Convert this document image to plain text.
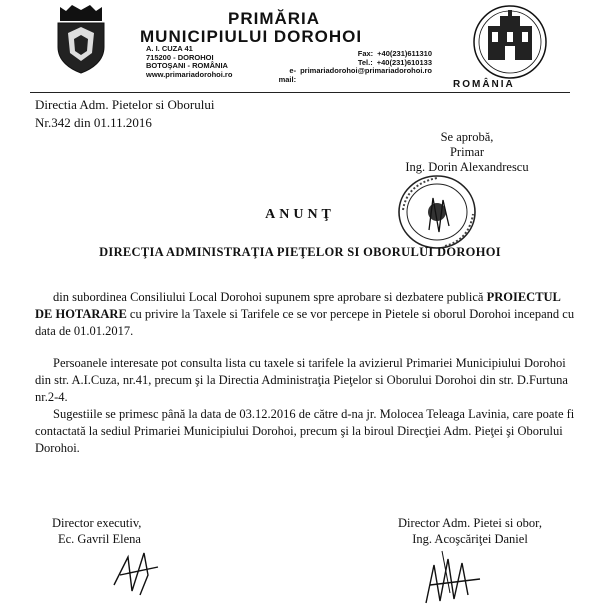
PRIMĂRIA
MUNICIPIULUI DOROHOI
A. I. CUZA 41
715200 - DOROHOI
BOTOŞANI - ROMÂNIA
www.primariadorohoi.ro
Fax: +40(231)611310
Tel.: +40(231)610133
e-mail:
primariadorohoi@primariadorohoi.ro
ROMÂNIA
Directia Adm. Pietelor si Oborului
Nr.342 din 01.11.2016
Se aprobă,
Primar
Ing. Dorin Alexandrescu
ANUNŢ
DIRECŢIA ADMINISTRAŢIA PIEŢELOR SI OBORULUI DOROHOI
din subordinea Consiliului Local Dorohoi supunem spre aprobare si dezbatere publică PROIECTUL DE HOTARARE cu privire la Taxele si Tarifele ce se vor percepe in Pietele si oborul Dorohoi incepand cu data de 01.01.2017.
Persoanele interesate pot consulta lista cu taxele si tarifele la avizierul Primariei Municipiului Dorohoi din str. A.I.Cuza, nr.41, precum şi la Directia Administraţia Pieţelor si Oborului Dorohoi din str. D.Furtuna nr.2-4.
Sugestiile se primesc până la data de 03.12.2016 de către d-na jr. Molocea Teleaga Lavinia, care poate fi contactată la sediul Primariei Municipiului Dorohoi, precum şi la biroul Direcţiei Adm. Pieţei şi Oborului Dorohoi.
Director executiv,
Ec. Gavril Elena
Director Adm. Pietei si obor,
Ing. Acoşcăriţei Daniel
